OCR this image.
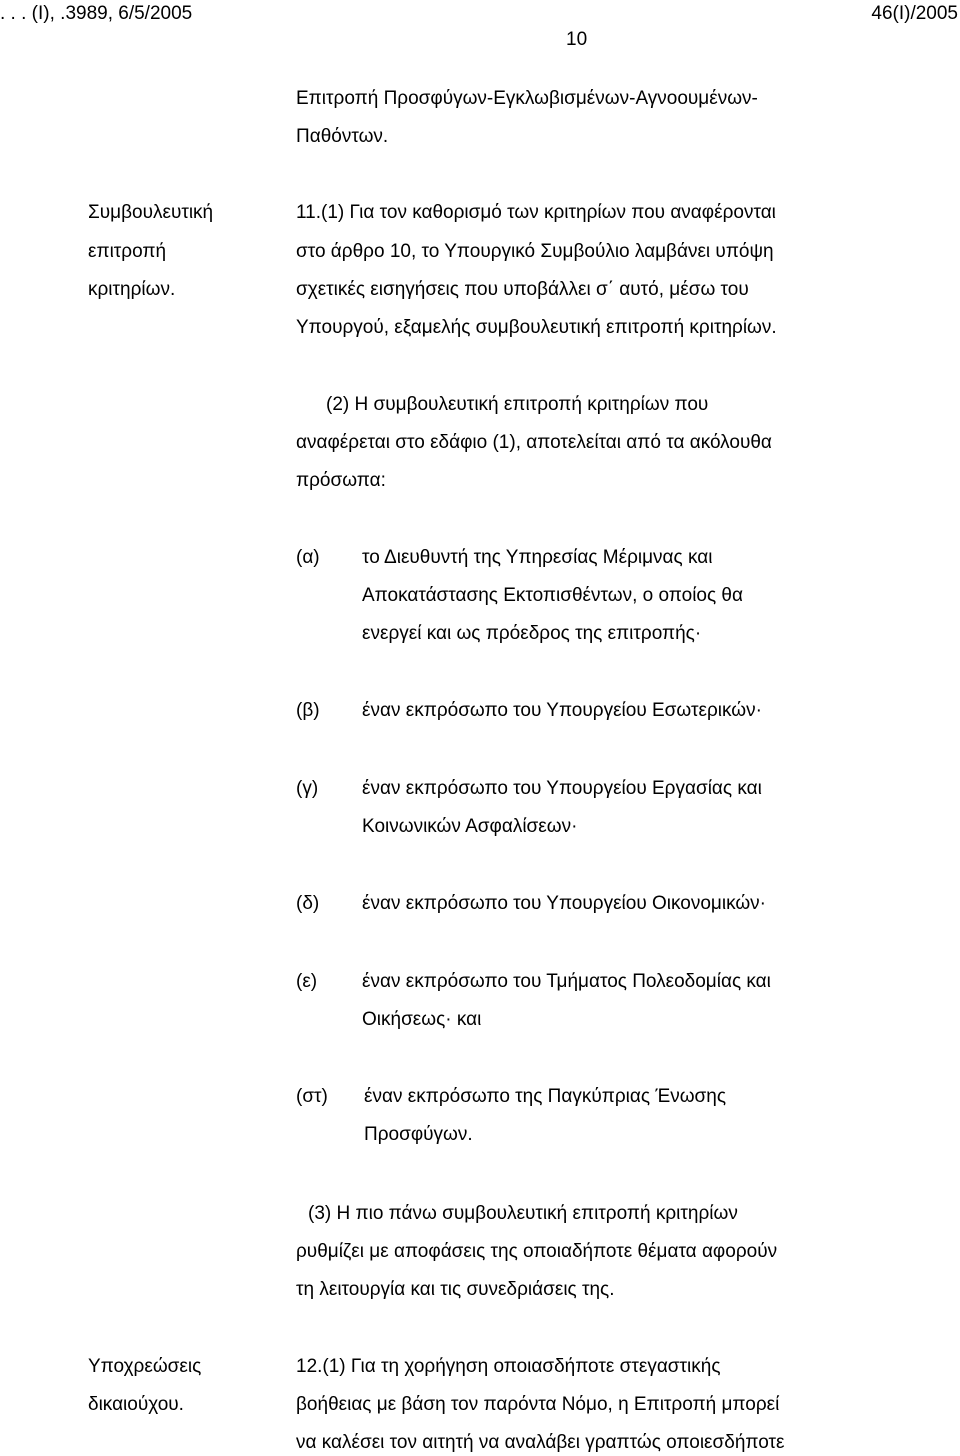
. . . (Ι), .3989, 6/5/2005	46(Ι)/2005
10
Επιτροπή Προσφύγων-Εγκλωβισμένων-Αγνοουμένων-
Παθόντων.
Συμβουλευτική
επιτροπή
κριτηρίων.
11.(1) Για τον καθορισμό των κριτηρίων που αναφέρονται
στο άρθρο 10, το Υπουργικό Συμβούλιο λαμβάνει υπόψη
σχετικές εισηγήσεις που υποβάλλει σ΄ αυτό, μέσω του
Υπουργού, εξαμελής συμβουλευτική επιτροπή κριτηρίων.
(2) Η συμβουλευτική επιτροπή κριτηρίων που
αναφέρεται στο εδάφιο (1), αποτελείται από τα ακόλουθα
πρόσωπα:
(α) το Διευθυντή της Υπηρεσίας Μέριμνας και
Αποκατάστασης Εκτοπισθέντων, ο οποίος θα
ενεργεί και ως πρόεδρος της επιτροπής·
(β) έναν εκπρόσωπο του Υπουργείου Εσωτερικών·
(γ) έναν εκπρόσωπο του Υπουργείου Εργασίας και
Κοινωνικών Ασφαλίσεων·
(δ) έναν εκπρόσωπο του Υπουργείου Οικονομικών·
(ε) έναν εκπρόσωπο του Τμήματος Πολεοδομίας και
Οικήσεως· και
(στ) έναν εκπρόσωπο της Παγκύπριας Ένωσης
Προσφύγων.
(3) Η πιο πάνω συμβουλευτική επιτροπή κριτηρίων
ρυθμίζει με αποφάσεις της οποιαδήποτε θέματα αφορούν
τη λειτουργία και τις συνεδριάσεις της.
Υποχρεώσεις
δικαιούχου.
12.(1) Για τη χορήγηση οποιασδήποτε στεγαστικής
βοήθειας με βάση τον παρόντα Νόμο, η Επιτροπή μπορεί
να καλέσει τον αιτητή να αναλάβει γραπτώς οποιεσδήποτε
